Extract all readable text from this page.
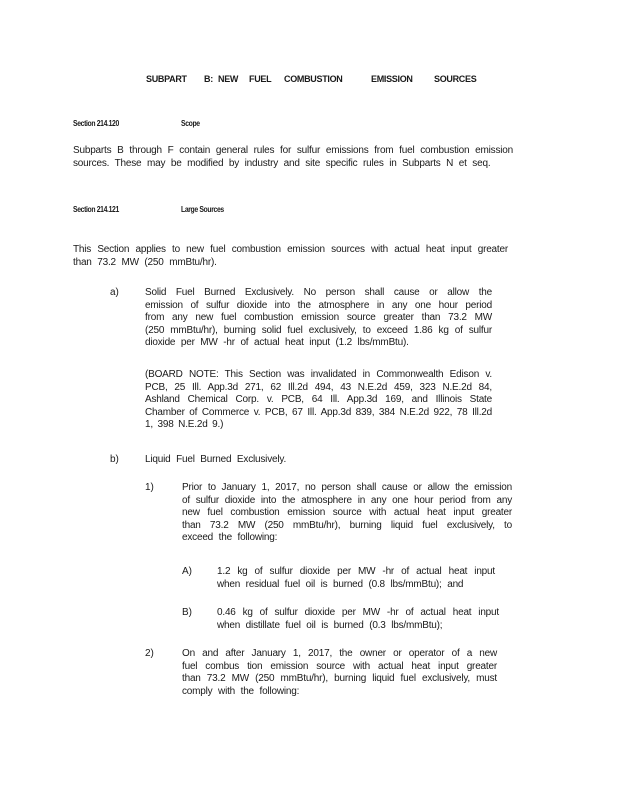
SUBPART B: NEW FUEL COMBUSTION	EMISSION SOURCES
Section 214.120	Scope
Subparts B through F contain general rules for sulfur emissions from fuel combustion emission sources. These may be modified by industry and site specific rules in Subparts N et seq.
Section 214.121	Large Sources
This Section applies to new fuel combustion emission sources with actual heat input greater than 73.2 MW (250 mmBtu/hr).
a)	Solid Fuel Burned Exclusively. No person shall cause or allow the emission of sulfur dioxide into the atmosphere in any one hour period from any new fuel combustion emission source greater than 73.2 MW (250 mmBtu/hr), burning solid fuel exclusively, to exceed 1.86 kg of sulfur dioxide per MW -hr of actual heat input (1.2 lbs/mmBtu).
(BOARD NOTE: This Section was invalidated in Commonwealth Edison v. PCB, 25 Ill. App.3d 271, 62 Ill.2d 494, 43 N.E.2d 459, 323 N.E.2d 84, Ashland Chemical Corp. v. PCB, 64 Ill. App.3d 169, and Illinois State Chamber of Commerce v. PCB, 67 Ill. App.3d 839, 384 N.E.2d 922, 78 Ill.2d 1, 398 N.E.2d 9.)
b)	Liquid Fuel Burned Exclusively.
1)	Prior to January 1, 2017, no person shall cause or allow the emission of sulfur dioxide into the atmosphere in any one hour period from any new fuel combustion emission source with actual heat input greater than 73.2 MW (250 mmBtu/hr), burning liquid fuel exclusively, to exceed the following:
A)	1.2 kg of sulfur dioxide per MW -hr of actual heat input when residual fuel oil is burned (0.8 lbs/mmBtu); and
B)	0.46 kg of sulfur dioxide per MW -hr of actual heat input when distillate fuel oil is burned (0.3 lbs/mmBtu);
2)	On and after January 1, 2017, the owner or operator of a new fuel combus tion emission source with actual heat input greater than 73.2 MW (250 mmBtu/hr), burning liquid fuel exclusively, must comply with the following:
